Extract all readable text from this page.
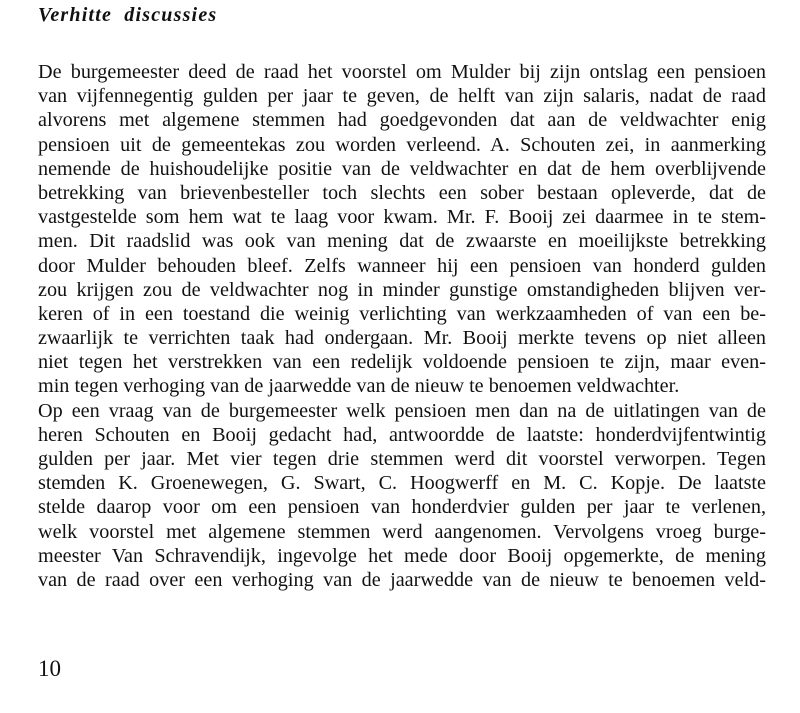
Verhitte discussies
De burgemeester deed de raad het voorstel om Mulder bij zijn ontslag een pensioen
van vijfennegentig gulden per jaar te geven, de helft van zijn salaris, nadat de raad
alvorens met algemene stemmen had goedgevonden dat aan de veldwachter enig
pensioen uit de gemeentekas zou worden verleend. A. Schouten zei, in aanmerking
nemende de huishoudelijke positie van de veldwachter en dat de hem overblijvende
betrekking van brievenbesteller toch slechts een sober bestaan opleverde, dat de
vastgestelde som hem wat te laag voor kwam. Mr. F. Booij zei daarmee in te stem-
men. Dit raadslid was ook van mening dat de zwaarste en moeilijkste betrekking
door Mulder behouden bleef. Zelfs wanneer hij een pensioen van honderd gulden
zou krijgen zou de veldwachter nog in minder gunstige omstandigheden blijven ver-
keren of in een toestand die weinig verlichting van werkzaamheden of van een be-
zwaarlijk te verrichten taak had ondergaan. Mr. Booij merkte tevens op niet alleen
niet tegen het verstrekken van een redelijk voldoende pensioen te zijn, maar even-
min tegen verhoging van de jaarwedde van de nieuw te benoemen veldwachter.
Op een vraag van de burgemeester welk pensioen men dan na de uitlatingen van de
heren Schouten en Booij gedacht had, antwoordde de laatste: honderdvijfentwintig
gulden per jaar. Met vier tegen drie stemmen werd dit voorstel verworpen. Tegen
stemden K. Groenewegen, G. Swart, C. Hoogwerff en M. C. Kopje. De laatste
stelde daarop voor om een pensioen van honderdvier gulden per jaar te verlenen,
welk voorstel met algemene stemmen werd aangenomen. Vervolgens vroeg burge-
meester Van Schravendijk, ingevolge het mede door Booij opgemerkte, de mening
van de raad over een verhoging van de jaarwedde van de nieuw te benoemen veld-
10
